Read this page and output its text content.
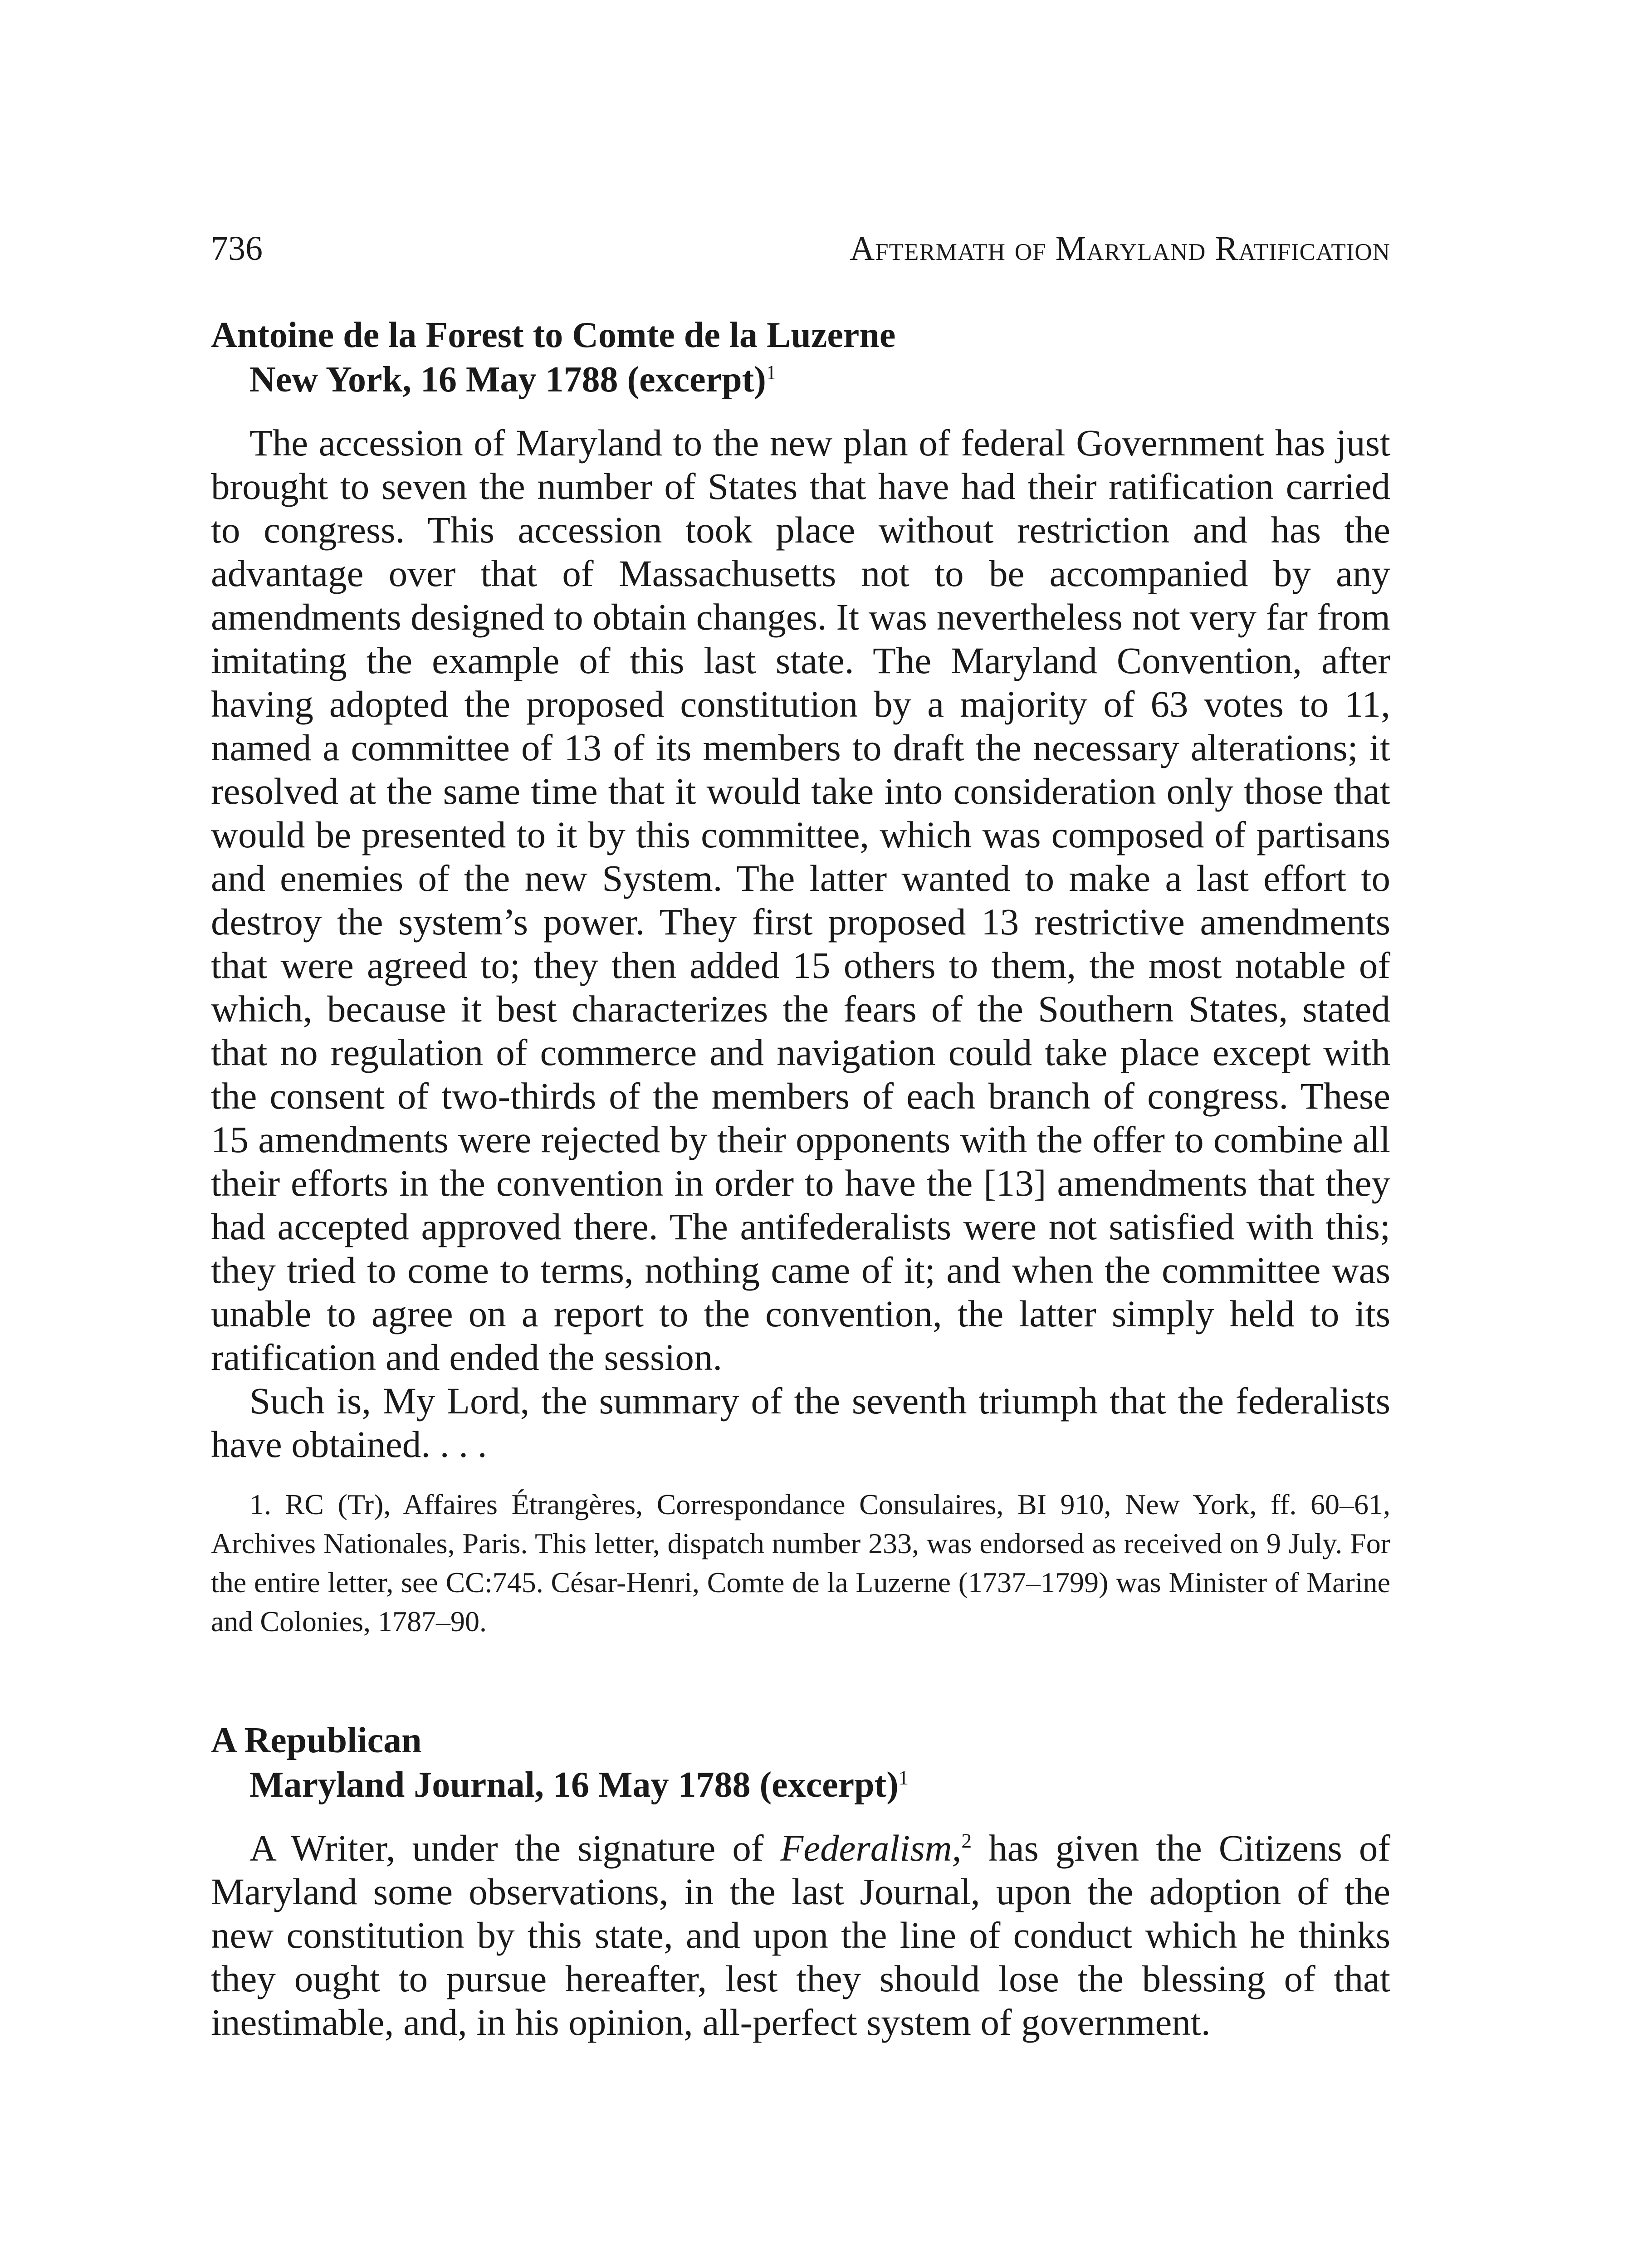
736	Aftermath of Maryland Ratification
Antoine de la Forest to Comte de la Luzerne
New York, 16 May 1788 (excerpt)$^1$

The accession of Maryland to the new plan of federal Government has just brought to seven the number of States that have had their ratification carried to congress. This accession took place without restriction and has the advantage over that of Massachusetts not to be accompanied by any amendments designed to obtain changes. It was nevertheless not very far from imitating the example of this last state. The Maryland Convention, after having adopted the proposed constitution by a majority of 63 votes to 11, named a committee of 13 of its members to draft the necessary alterations; it resolved at the same time that it would take into consideration only those that would be presented to it by this committee, which was composed of partisans and enemies of the new System. The latter wanted to make a last effort to destroy the system’s power. They first proposed 13 restrictive amendments that were agreed to; they then added 15 others to them, the most notable of which, because it best characterizes the fears of the Southern States, stated that no regulation of commerce and navigation could take place except with the consent of two-thirds of the members of each branch of congress. These 15 amendments were rejected by their opponents with the offer to combine all their efforts in the convention in order to have the [13] amendments that they had accepted approved there. The antifederalists were not satisfied with this; they tried to come to terms, nothing came of it; and when the committee was unable to agree on a report to the convention, the latter simply held to its ratification and ended the session.

Such is, My Lord, the summary of the seventh triumph that the federalists have obtained. . . .

1. RC (Tr), Affaires Étrangères, Correspondance Consulaires, BI 910, New York, ff. 60–61, Archives Nationales, Paris. This letter, dispatch number 233, was endorsed as received on 9 July. For the entire letter, see CC:745. César-Henri, Comte de la Luzerne (1737–1799) was Minister of Marine and Colonies, 1787–90.

A Republican
Maryland Journal, 16 May 1788 (excerpt)$^1$

A Writer, under the signature of Federalism,$^2$ has given the Citizens of Maryland some observations, in the last Journal, upon the adoption of the new constitution by this state, and upon the line of conduct which he thinks they ought to pursue hereafter, lest they should lose the blessing of that inestimable, and, in his opinion, all-perfect system of government.
